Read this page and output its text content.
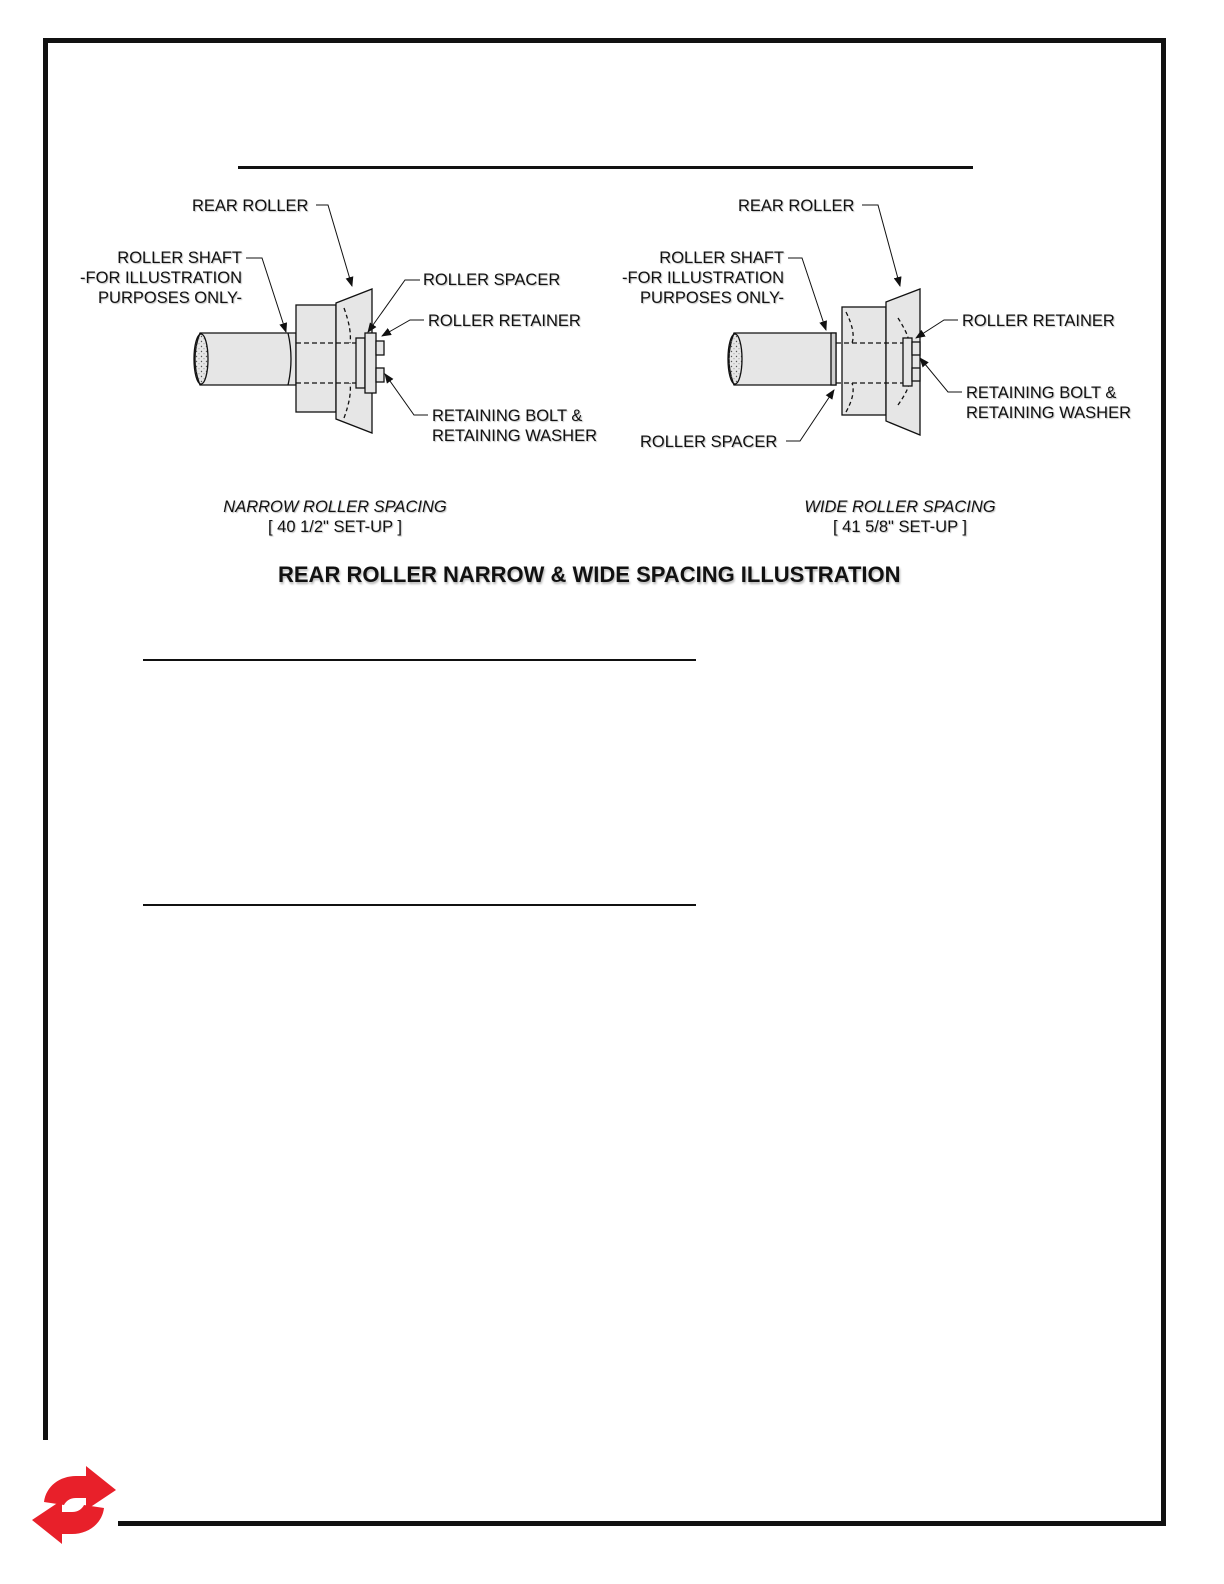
REAR ROLLER
ROLLER SHAFT
-FOR ILLUSTRATION
PURPOSES ONLY-
ROLLER SPACER
ROLLER RETAINER
RETAINING BOLT &
RETAINING WASHER
NARROW ROLLER SPACING
[ 40 1/2" SET-UP ]
REAR ROLLER
ROLLER SHAFT
-FOR ILLUSTRATION
PURPOSES ONLY-
ROLLER RETAINER
RETAINING BOLT &
RETAINING WASHER
ROLLER SPACER
WIDE ROLLER SPACING
[ 41 5/8" SET-UP ]
REAR ROLLER NARROW & WIDE SPACING ILLUSTRATION
